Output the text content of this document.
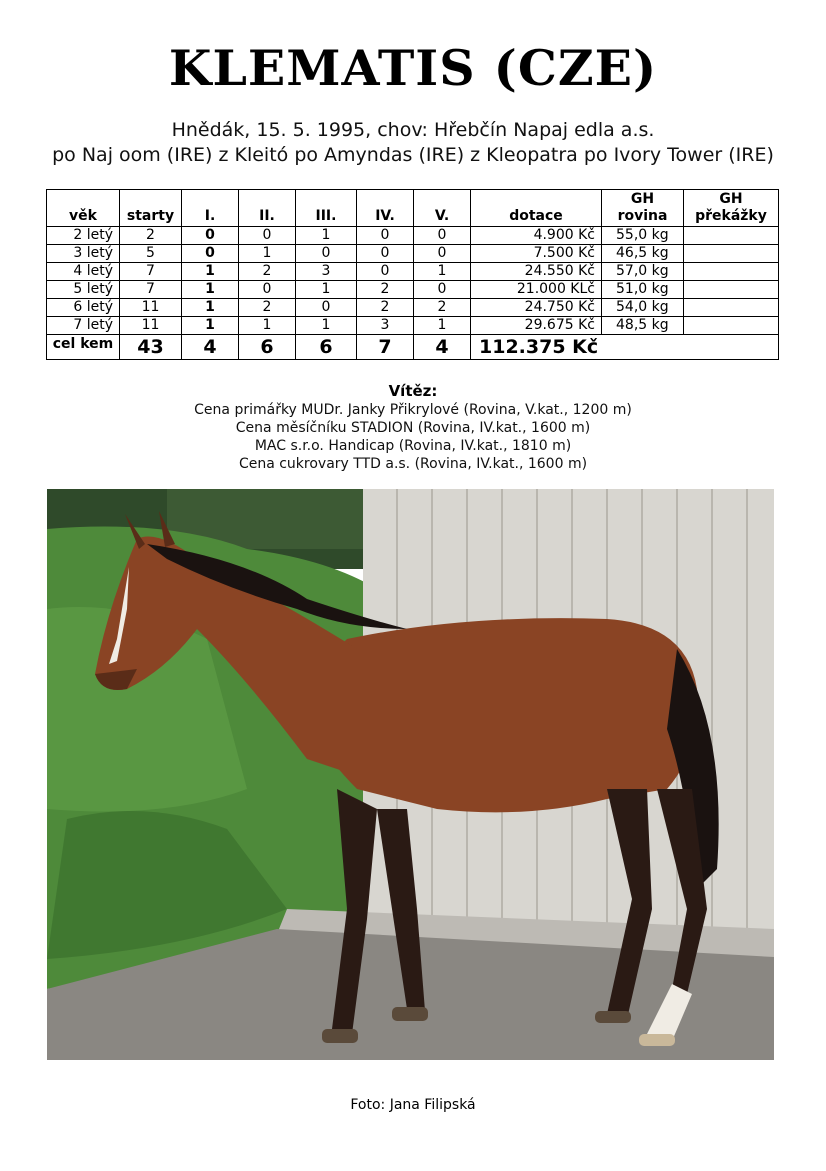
KLEMATIS (CZE)
Hnědák, 15. 5. 1995, chov: Hřebčín Napaj edla a.s.
po Naj oom (IRE) z Kleitó po Amyndas (IRE) z Kleopatra po Ivory Tower (IRE)
věk	starty	I.	II.	III.	IV.	V.	dotace	GH rovina	GH překážky
2 letý	2	0	0	1	0	0	4.900 Kč	55,0 kg	
3 letý	5	0	1	0	0	0	7.500 Kč	46,5 kg	
4 letý	7	1	2	3	0	1	24.550 Kč	57,0 kg	
5 letý	7	1	0	1	2	0	21.000 KLč	51,0 kg	
6 letý	11	1	2	0	2	2	24.750 Kč	54,0 kg	
7 letý	11	1	1	1	3	1	29.675 Kč	48,5 kg	
cel kem	43	4	6	6	7	4	112.375 Kč		
Vítěz:
Cena primářky MUDr. Janky Přikrylové (Rovina, V.kat., 1200 m)
Cena měsíčníku STADION (Rovina, IV.kat., 1600 m)
MAC s.r.o. Handicap (Rovina, IV.kat., 1810 m)
Cena cukrovary TTD a.s. (Rovina, IV.kat., 1600 m)
Foto: Jana Filipská
